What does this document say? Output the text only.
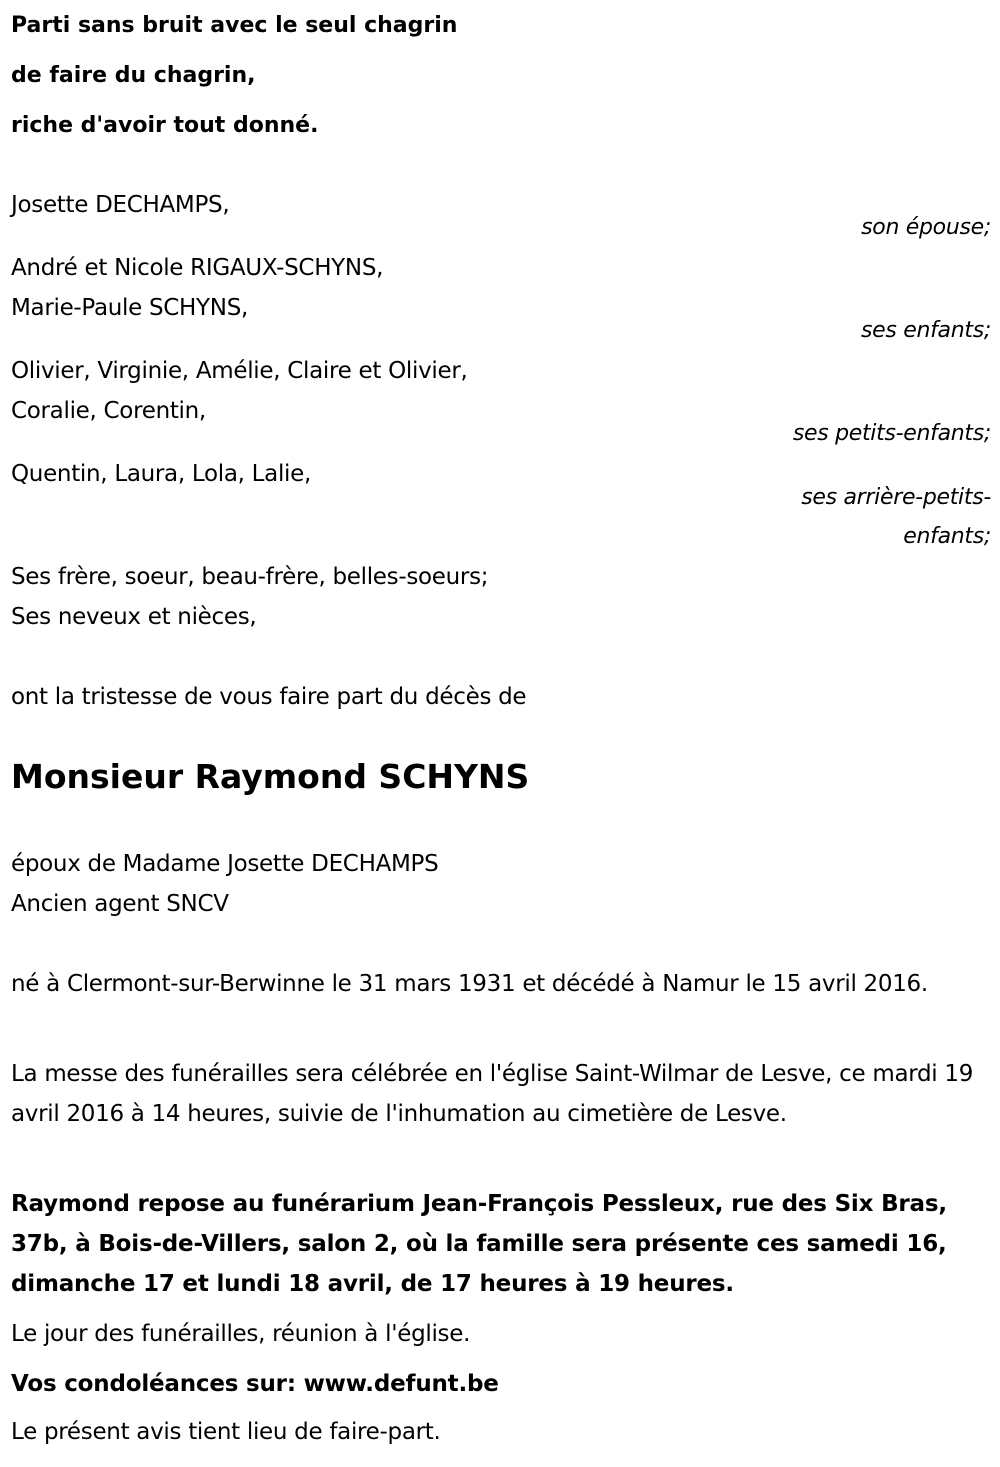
Parti sans bruit avec le seul chagrin
de faire du chagrin,
riche d'avoir tout donné.
Josette DECHAMPS,
son épouse;
André et Nicole RIGAUX-SCHYNS,
Marie-Paule SCHYNS,
ses enfants;
Olivier, Virginie, Amélie, Claire et Olivier,
Coralie, Corentin,
ses petits-enfants;
Quentin, Laura, Lola, Lalie,
ses arrière-petits-
enfants;
Ses frère, soeur, beau-frère, belles-soeurs;
Ses neveux et nièces,
ont la tristesse de vous faire part du décès de
Monsieur Raymond SCHYNS
époux de Madame Josette DECHAMPS
Ancien agent SNCV
né à Clermont-sur-Berwinne le 31 mars 1931 et décédé à Namur le 15 avril 2016.
La messe des funérailles sera célébrée en l'église Saint-Wilmar de Lesve, ce mardi 19 avril 2016 à 14 heures, suivie de l'inhumation au cimetière de Lesve.
Raymond repose au funérarium Jean-François Pessleux, rue des Six Bras, 37b, à Bois-de-Villers, salon 2, où la famille sera présente ces samedi 16, dimanche 17 et lundi 18 avril, de 17 heures à 19 heures.
Le jour des funérailles, réunion à l'église.
Vos condoléances sur: www.defunt.be
Le présent avis tient lieu de faire-part.
